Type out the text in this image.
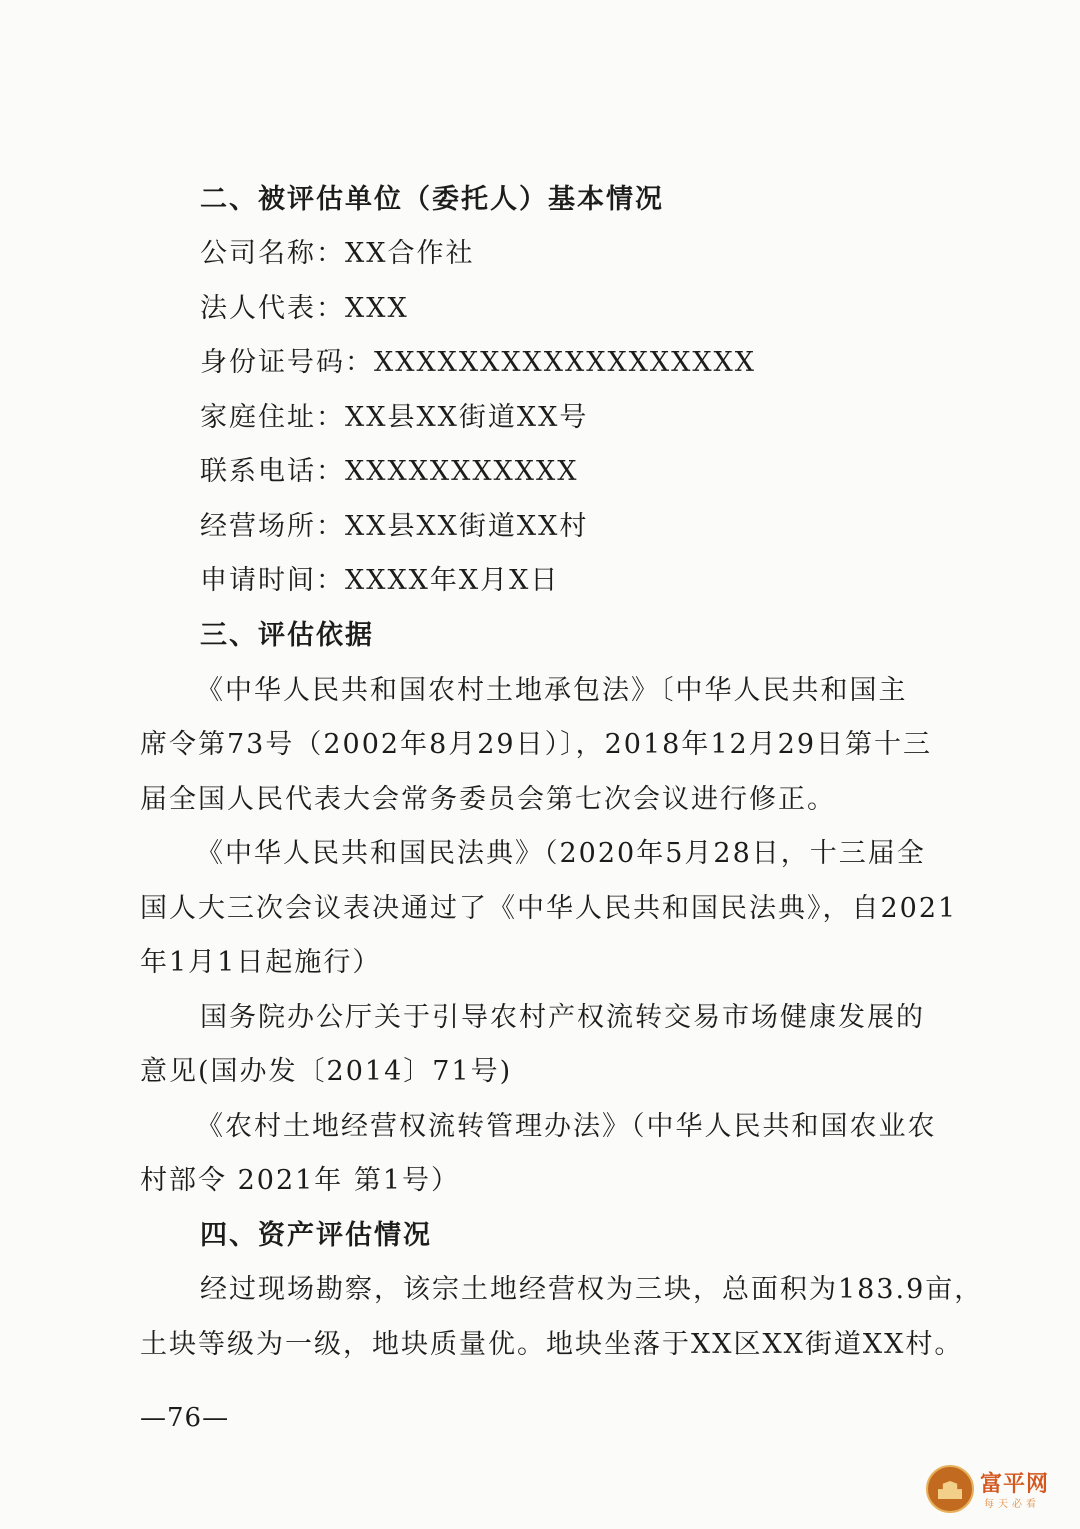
二、被评估单位（委托人）基本情况
公司名称：XX合作社
法人代表：XXX
身份证号码：XXXXXXXXXXXXXXXXXX
家庭住址：XX县XX街道XX号
联系电话：XXXXXXXXXXX
经营场所：XX县XX街道XX村
申请时间：XXXX年X月X日
三、评估依据
《中华人民共和国农村土地承包法》〔中华人民共和国主
席令第73号（2002年8月29日）〕，2018年12月29日第十三
届全国人民代表大会常务委员会第七次会议进行修正。
《中华人民共和国民法典》（2020年5月28日，十三届全
国人大三次会议表决通过了《中华人民共和国民法典》，自2021
年1月1日起施行）
国务院办公厅关于引导农村产权流转交易市场健康发展的
意见(国办发〔2014〕71号)
《农村土地经营权流转管理办法》（中华人民共和国农业农
村部令 2021年 第1号）
四、资产评估情况
经过现场勘察，该宗土地经营权为三块，总面积为183.9亩，
土块等级为一级，地块质量优。地块坐落于XX区XX街道XX村。
—76—
富平网
每天必看
